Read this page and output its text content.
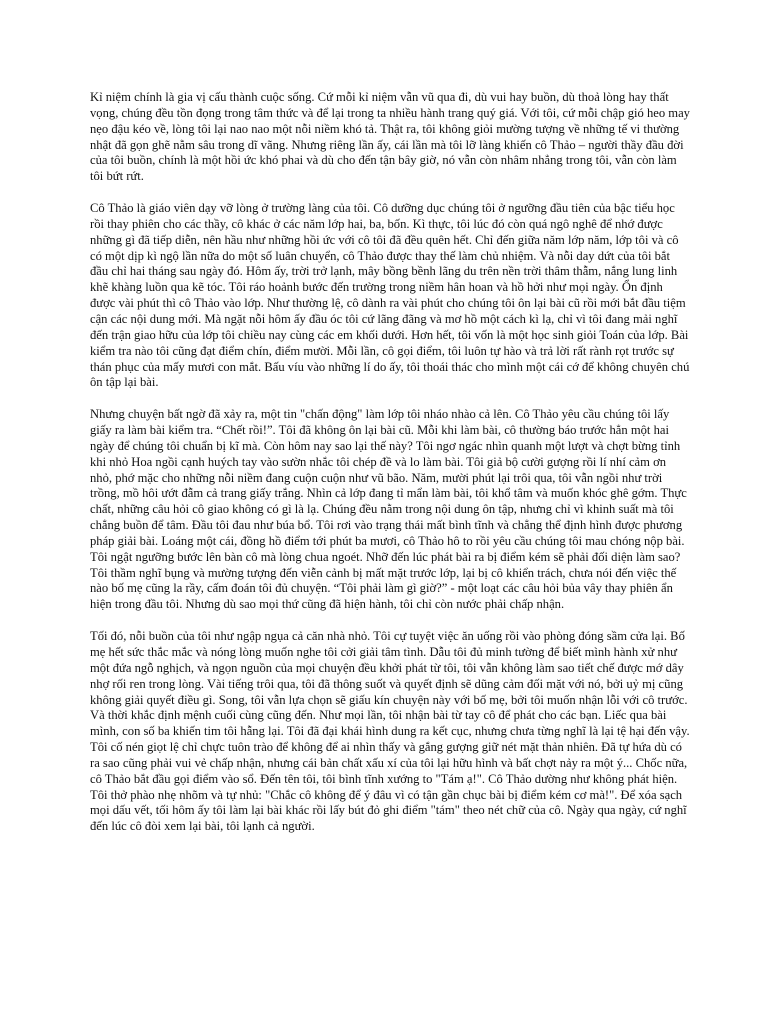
Kỉ niệm chính là gia vị cấu thành cuộc sống. Cứ mỗi kỉ niệm vẫn vũ qua đi, dù vui hay buồn, dù thoả lòng hay thất vọng, chúng đều tồn đọng trong tâm thức và để lại trong ta nhiều hành trang quý giá. Với tôi, cứ mỗi chập gió heo may nẹo đậu kéo về, lòng tôi lại nao nao một nỗi niềm khó tả. Thật ra, tôi không giỏi mường tượng về những tế vi thường nhật đã gọn ghẽ nằm sâu trong dĩ vãng. Nhưng riêng lần ấy, cái lần mà tôi lỡ làng khiến cô Thảo – người thầy đầu đời của tôi buồn, chính là một hồi ức khó phai và dù cho đến tận bây giờ, nó vẫn còn nhâm nhẳng trong tôi, vẫn còn làm tôi bứt rứt.

Cô Thảo là giáo viên dạy vỡ lòng ở trường làng của tôi. Cô dưỡng dục chúng tôi ở ngưỡng đầu tiên của bậc tiểu học rồi thay phiên cho các thầy, cô khác ở các năm lớp hai, ba, bốn. Kì thực, tôi lúc đó còn quá ngô nghê để nhớ được những gì đã tiếp diễn, nên hầu như những hồi ức với cô tôi đã đều quên hết. Chỉ đến giữa năm lớp năm, lớp tôi và cô có một dịp kì ngộ lần nữa do một số luân chuyển, cô Thảo được thay thế làm chủ nhiệm. Và nỗi day dứt của tôi bắt đầu chỉ hai tháng sau ngày đó. Hôm ấy, trời trở lạnh, mây bồng bềnh lãng du trên nền trời thâm thẫm, nắng lung linh khẽ khàng luồn qua kẽ tóc. Tôi ráo hoảnh bước đến trường trong niềm hân hoan và hồ hởi như mọi ngày. Ổn định được vài phút thì cô Thảo vào lớp. Như thường lệ, cô dành ra vài phút cho chúng tôi ôn lại bài cũ rồi mới bắt đầu tiệm cận các nội dung mới. Mà ngặt nỗi hôm ấy đầu óc tôi cứ lãng đãng và mơ hồ một cách kì lạ, chỉ vì tôi đang mải nghĩ đến trận giao hữu của lớp tôi chiều nay cùng các em khối dưới. Hơn hết, tôi vốn là một học sinh giỏi Toán của lớp. Bài kiểm tra nào tôi cũng đạt điểm chín, điểm mười. Mỗi lần, cô gọi điểm, tôi luôn tự hào và trả lời rất rành rọt trước sự thán phục của mấy mươi con mắt. Bấu víu vào những lí do ấy, tôi thoái thác cho mình một cái cớ để không chuyên chú ôn tập lại bài.

Nhưng chuyện bất ngờ đã xảy ra, một tin "chấn động" làm lớp tôi nháo nhào cả lên. Cô Thảo yêu cầu chúng tôi lấy giấy ra làm bài kiểm tra. “Chết rồi!”. Tôi đã không ôn lại bài cũ. Mỗi khi làm bài, cô thường báo trước hẳn một hai ngày để chúng tôi chuẩn bị kĩ mà. Còn hôm nay sao lại thế này? Tôi ngơ ngác nhìn quanh một lượt và chợt bừng tỉnh khi nhỏ Hoa ngồi cạnh huých tay vào sườn nhắc tôi chép đề và lo làm bài. Tôi giả bộ cười gượng rồi lí nhí cảm ơn nhỏ, phớ mặc cho những nỗi niềm đang cuộn cuộn như vũ bão. Năm, mười phút lại trôi qua, tôi vẫn ngồi như trời trồng, mồ hôi ướt đẫm cả trang giấy trắng. Nhìn cả lớp đang tỉ mẩn làm bài, tôi khổ tâm và muốn khóc ghê gớm. Thực chất, những câu hỏi cô giao không có gì là lạ. Chúng đều nằm trong nội dung ôn tập, nhưng chỉ vì khinh suất mà tôi chẳng buồn để tâm. Đầu tôi đau như búa bổ. Tôi rơi vào trạng thái mất bình tĩnh và chẳng thể định hình được phương pháp giải bài. Loáng một cái, đồng hồ điểm tới phút ba mươi, cô Thảo hô to rồi yêu cầu chúng tôi mau chóng nộp bài. Tôi ngật ngưỡng bước lên bàn cô mà lòng chua ngoét. Nhỡ đến lúc phát bài ra bị điểm kém sẽ phải đối diện làm sao? Tôi thầm nghĩ bụng và mường tượng đến viễn cảnh bị mất mặt trước lớp, lại bị cô khiển trách, chưa nói đến việc thế nào bố mẹ cũng la rầy, cấm đoán tôi đủ chuyện. “Tôi phải làm gì giờ?” - một loạt các câu hỏi bủa vây thay phiên ẩn hiện trong đầu tôi. Nhưng dù sao mọi thứ cũng đã hiện hành, tôi chỉ còn nước phải chấp nhận.

Tối đó, nỗi buồn của tôi như ngập ngụa cả căn nhà nhỏ. Tôi cự tuyệt việc ăn uống rồi vào phòng đóng sầm cửa lại. Bố mẹ hết sức thắc mắc và nóng lòng muốn nghe tôi cởi giải tâm tình. Dẫu tôi đủ minh tường để biết mình hành xử như một đứa ngỗ nghịch, và ngọn nguồn của mọi chuyện đều khởi phát từ tôi, tôi vẫn không làm sao tiết chế được mớ dây nhợ rối ren trong lòng. Vài tiếng trôi qua, tôi đã thông suốt và quyết định sẽ dũng cảm đối mặt với nó, bởi uỷ mị cũng không giải quyết điều gì. Song, tôi vẫn lựa chọn sẽ giấu kín chuyện này với bố mẹ, bởi tôi muốn nhận lỗi với cô trước. Và thời khắc định mệnh cuối cùng cũng đến. Như mọi lần, tôi nhận bài từ tay cô để phát cho các bạn. Liếc qua bài mình, con số ba khiến tim tôi hẫng lại. Tôi đã đại khái hình dung ra kết cục, nhưng chưa từng nghĩ là lại tệ hại đến vậy. Tôi cố nén giọt lệ chỉ chực tuôn trào để không để ai nhìn thấy và gắng gượng giữ nét mặt thản nhiên. Đã tự hứa dù có ra sao cũng phải vui vẻ chấp nhận, nhưng cái bản chất xấu xí của tôi lại hữu hình và bất chợt nảy ra một ý... Chốc nữa, cô Thảo bắt đầu gọi điểm vào sổ. Đến tên tôi, tôi bình tĩnh xướng to "Tám ạ!". Cô Thảo dường như không phát hiện. Tôi thở phào nhẹ nhõm và tự nhủ: "Chắc cô không để ý đâu vì có tận gần chục bài bị điểm kém cơ mà!". Để xóa sạch mọi dấu vết, tối hôm ấy tôi làm lại bài khác rồi lấy bút đỏ ghi điểm "tám" theo nét chữ của cô. Ngày qua ngày, cứ nghĩ đến lúc cô đòi xem lại bài, tôi lạnh cả người.
